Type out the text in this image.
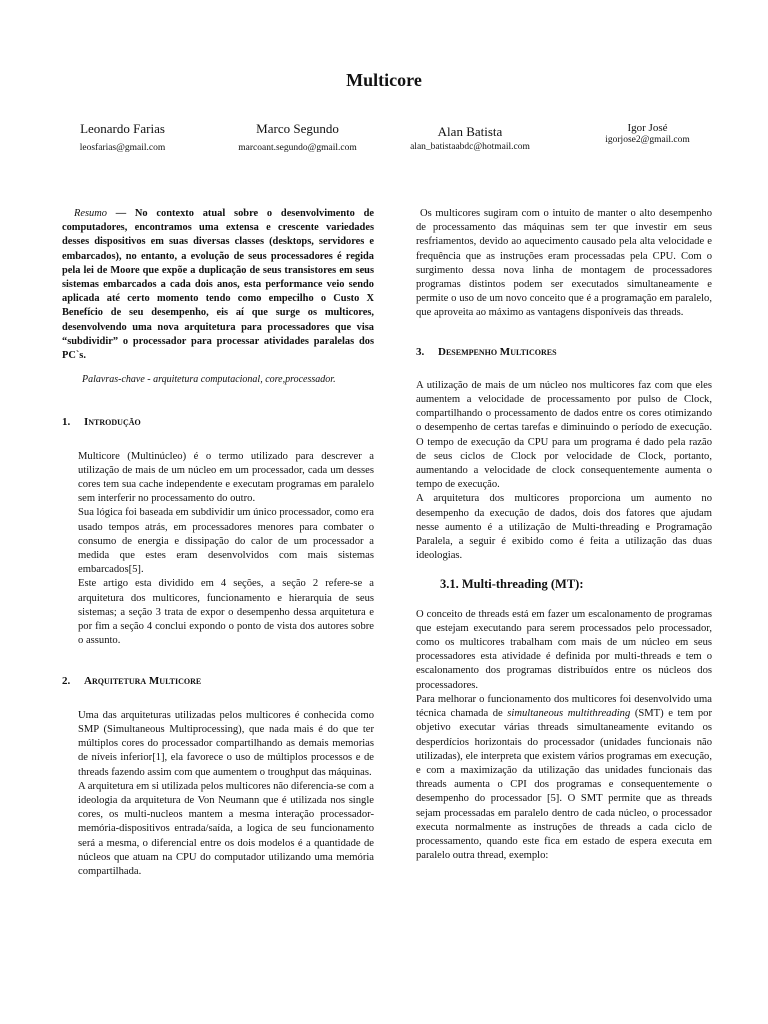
Multicore
Leonardo Farias
leosfarias@gmail.com
Marco Segundo
marcoant.segundo@gmail.com
Alan Batista
alan_batistaabdc@hotmail.com
Igor José
igorjose2@gmail.com

Resumo — No contexto atual sobre o desenvolvimento de computadores, encontramos uma extensa e crescente variedades desses dispositivos em suas diversas classes (desktops, servidores e embarcados), no entanto, a evolução de seus processadores é regida pela lei de Moore que expõe a duplicação de seus transistores em seus sistemas embarcados a cada dois anos, esta performance veio sendo aplicada até certo momento tendo como empecilho o Custo X Benefício de seu desempenho, eis aí que surge os multicores, desenvolvendo uma nova arquitetura para processadores que visa “subdividir” o processador para processar atividades paralelas dos PC`s.

Palavras-chave - arquitetura computacional, core,processador.

1. Introdução

Multicore (Multinúcleo) é o termo utilizado para descrever a utilização de mais de um núcleo em um processador, cada um desses cores tem sua cache independente e executam programas em paralelo sem interferir no processamento do outro.

Sua lógica foi baseada em subdividir um único processador, como era usado tempos atrás, em processadores menores para combater o consumo de energia e dissipação do calor de um processador a medida que estes eram desenvolvidos com mais sistemas embarcados[5].

Este artigo esta dividido em 4 seções, a seção 2 refere-se a arquitetura dos multicores, funcionamento e hierarquia de seus sistemas; a seção 3 trata de expor o desempenho dessa arquitetura e por fim a seção 4 conclui expondo o ponto de vista dos autores sobre o assunto.

2. Arquitetura Multicore

Uma das arquiteturas utilizadas pelos multicores é conhecida como SMP (Simultaneous Multiprocessing), que nada mais é do que ter múltiplos cores do processador compartilhando as demais memorias de níveis inferior[1], ela favorece o uso de múltiplos processos e de threads fazendo assim com que aumentem o troughput das máquinas.

A arquitetura em si utilizada pelos multicores não diferencia-se com a ideologia da arquitetura de Von Neumann que é utilizada nos single cores, os multi-nucleos mantem a mesma interação processador-memória-dispositivos entrada/saída, a logica de seu funcionamento será a mesma, o diferencial entre os dois modelos é a quantidade de núcleos que atuam na CPU do computador utilizando uma memória compartilhada.

Os multicores sugiram com o intuito de manter o alto desempenho de processamento das máquinas sem ter que investir em seus resfriamentos, devido ao aquecimento causado pela alta velocidade e frequência que as instruções eram processadas pela CPU. Com o surgimento dessa nova linha de montagem de processadores programas distintos podem ser executados simultaneamente e permite o uso de um novo conceito que é a programação em paralelo, que aproveita ao máximo as vantagens disponíveis das threads.

3. Desempenho Multicores

A utilização de mais de um núcleo nos multicores faz com que eles aumentem a velocidade de processamento por pulso de Clock, compartilhando o processamento de dados entre os cores otimizando o desempenho de certas tarefas e diminuindo o período de execução. O tempo de execução da CPU para um programa é dado pela razão de seus ciclos de Clock por velocidade de Clock, portanto, aumentando a velocidade de clock consequentemente aumenta o tempo de execução.

A arquitetura dos multicores proporciona um aumento no desempenho da execução de dados, dois dos fatores que ajudam nesse aumento é a utilização de Multi-threading e Programação Paralela, a seguir é exibido como é feita a utilização das duas ideologias.

3.1. Multi-threading (MT):

O conceito de threads está em fazer um escalonamento de programas que estejam executando para serem processados pelo processador, como os multicores trabalham com mais de um núcleo em seus processadores esta atividade é definida por multi-threads e tem o escalonamento dos programas distribuídos entre os núcleos dos processadores.

Para melhorar o funcionamento dos multicores foi desenvolvido uma técnica chamada de simultaneous multithreading (SMT) e tem por objetivo executar várias threads simultaneamente evitando os desperdícios horizontais do processador (unidades funcionais não utilizadas), ele interpreta que existem vários programas em execução, e com a maximização da utilização das unidades funcionais das threads aumenta o CPI dos programas e consequentemente o desempenho do processador [5]. O SMT permite que as threads sejam processadas em paralelo dentro de cada núcleo, o processador executa normalmente as instruções de threads a cada ciclo de processamento, quando este fica em estado de espera executa em paralelo outra thread, exemplo:
